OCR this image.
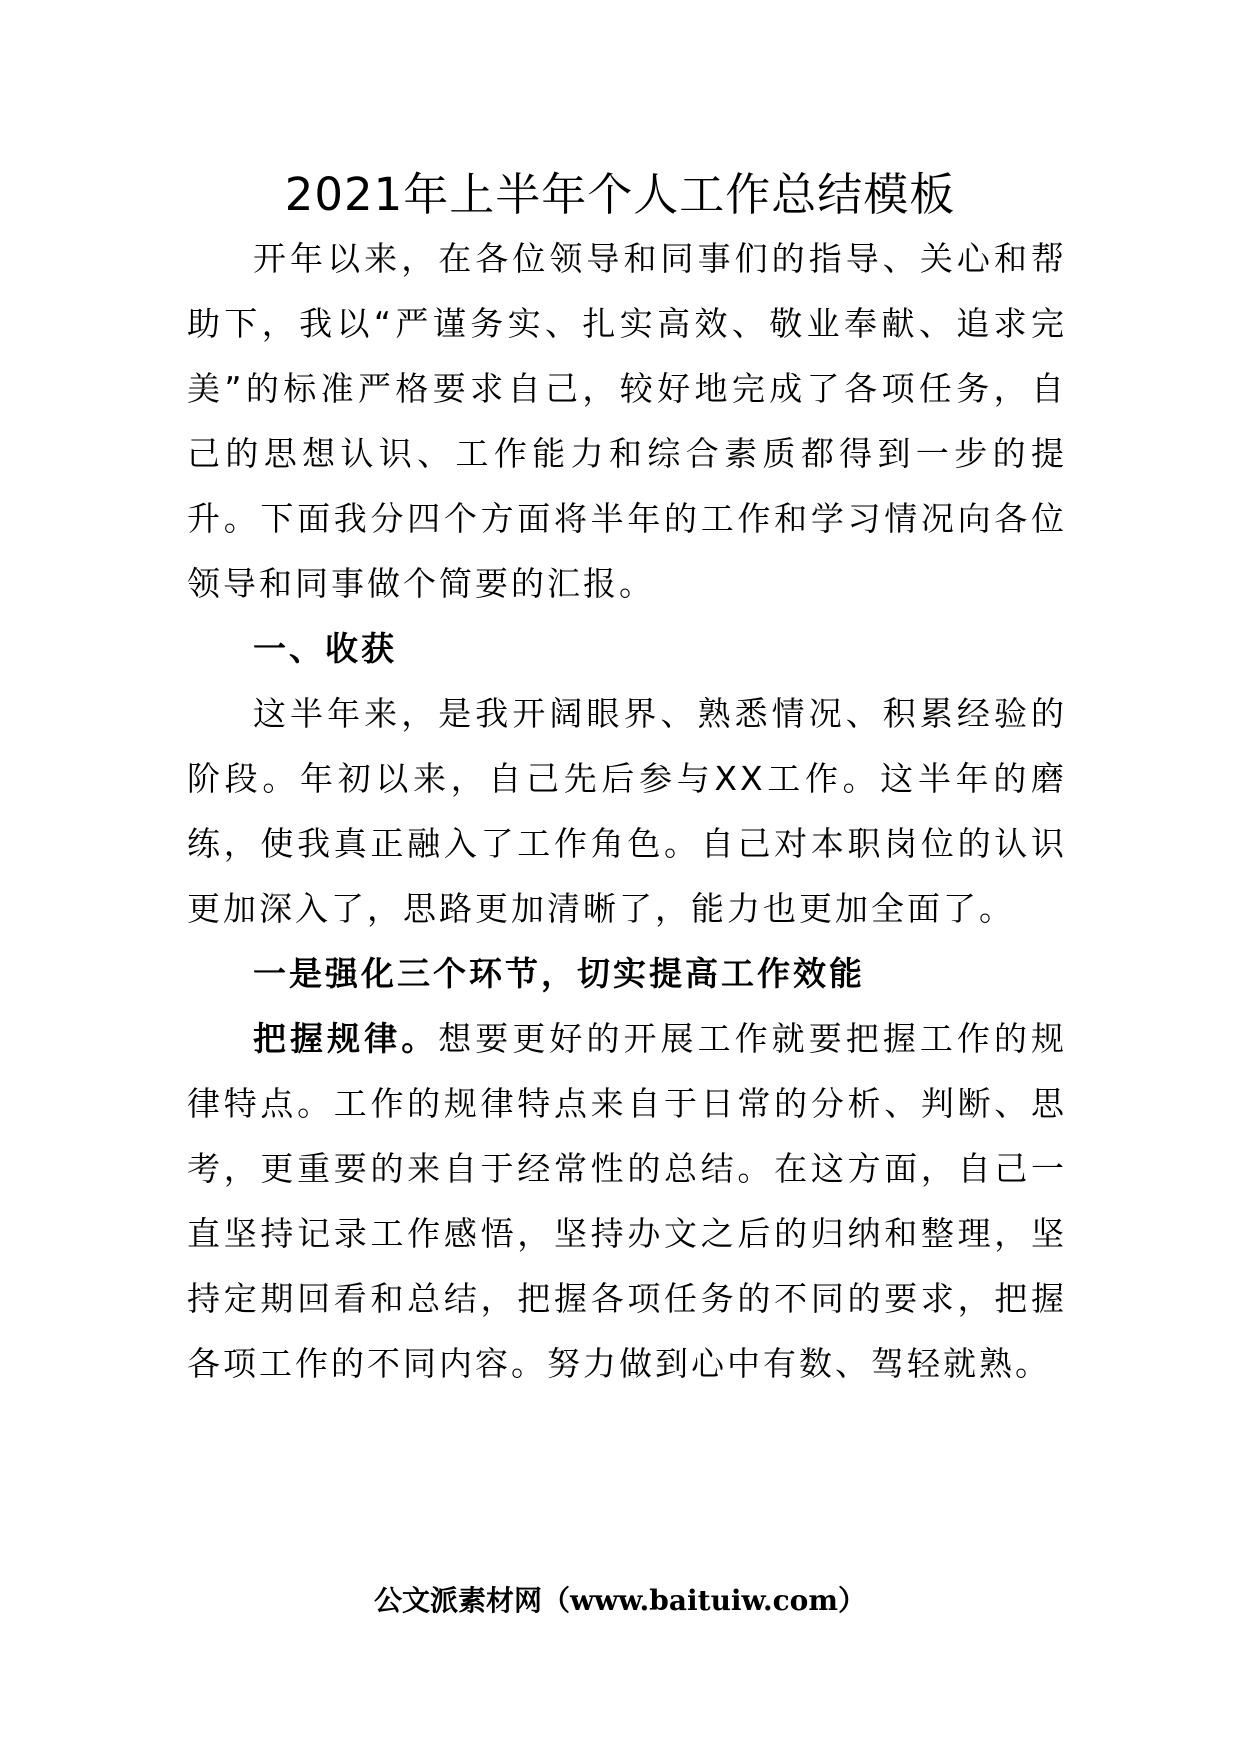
2021年上半年个人工作总结模板

开年以来，在各位领导和同事们的指导、关心和帮助下，我以“严谨务实、扎实高效、敬业奉献、追求完美”的标准严格要求自己，较好地完成了各项任务，自己的思想认识、工作能力和综合素质都得到一步的提升。下面我分四个方面将半年的工作和学习情况向各位领导和同事做个简要的汇报。

一、收获

这半年来，是我开阔眼界、熟悉情况、积累经验的阶段。年初以来，自己先后参与XX工作。这半年的磨练，使我真正融入了工作角色。自己对本职岗位的认识更加深入了，思路更加清晰了，能力也更加全面了。

一是强化三个环节，切实提高工作效能

把握规律。想要更好的开展工作就要把握工作的规律特点。工作的规律特点来自于日常的分析、判断、思考，更重要的来自于经常性的总结。在这方面，自己一直坚持记录工作感悟，坚持办文之后的归纳和整理，坚持定期回看和总结，把握各项任务的不同的要求，把握各项工作的不同内容。努力做到心中有数、驾轻就熟。

公文派素材网（www.baituiw.com）
